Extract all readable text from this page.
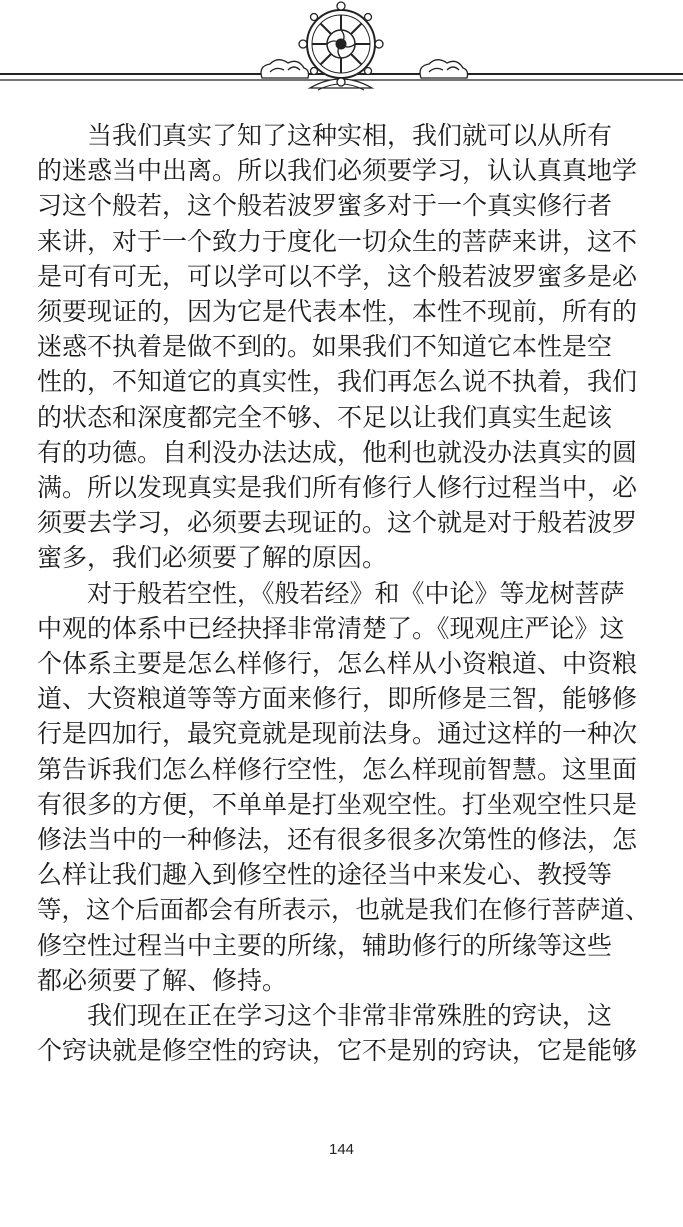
当我们真实了知了这种实相，我们就可以从所有
的迷惑当中出离。所以我们必须要学习，认认真真地学
习这个般若，这个般若波罗蜜多对于一个真实修行者
来讲，对于一个致力于度化一切众生的菩萨来讲，这不
是可有可无，可以学可以不学，这个般若波罗蜜多是必
须要现证的，因为它是代表本性，本性不现前，所有的
迷惑不执着是做不到的。如果我们不知道它本性是空
性的，不知道它的真实性，我们再怎么说不执着，我们
的状态和深度都完全不够、不足以让我们真实生起该
有的功德。自利没办法达成，他利也就没办法真实的圆
满。所以发现真实是我们所有修行人修行过程当中，必
须要去学习，必须要去现证的。这个就是对于般若波罗
蜜多，我们必须要了解的原因。

对于般若空性，《般若经》和《中论》等龙树菩萨
中观的体系中已经抉择非常清楚了。《现观庄严论》这
个体系主要是怎么样修行，怎么样从小资粮道、中资粮
道、大资粮道等等方面来修行，即所修是三智，能够修
行是四加行，最究竟就是现前法身。通过这样的一种次
第告诉我们怎么样修行空性，怎么样现前智慧。这里面
有很多的方便，不单单是打坐观空性。打坐观空性只是
修法当中的一种修法，还有很多很多次第性的修法，怎
么样让我们趣入到修空性的途径当中来发心、教授等
等，这个后面都会有所表示，也就是我们在修行菩萨道、
修空性过程当中主要的所缘，辅助修行的所缘等这些
都必须要了解、修持。

我们现在正在学习这个非常非常殊胜的窍诀，这
个窍诀就是修空性的窍诀，它不是别的窍诀，它是能够

144
